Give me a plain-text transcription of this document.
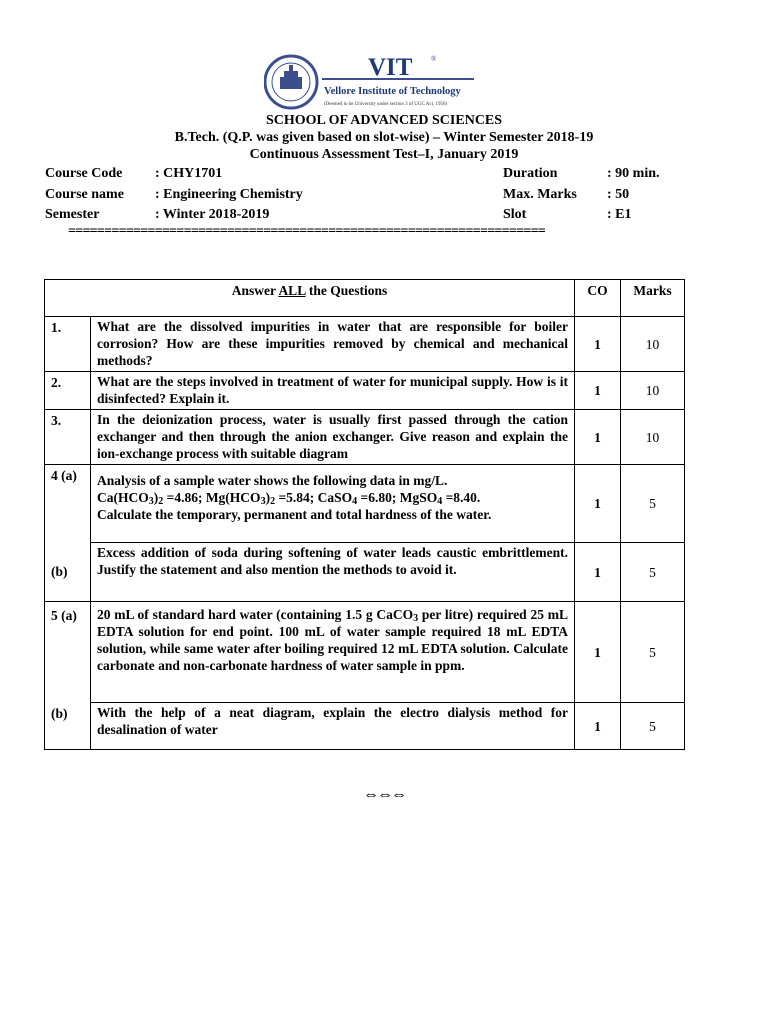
VIT	®
Vellore Institute of Technology
(Deemed to be University under section 3 of UGC Act, 1956)
SCHOOL OF ADVANCED SCIENCES
B.Tech. (Q.P. was given based on slot-wise) – Winter Semester 2018-19
Continuous Assessment Test–I, January 2019
Course Code : CHY1701	Duration	: 90 min.
Course name : Engineering Chemistry	Max. Marks : 50
Semester	: Winter 2018-2019	Slot	: E1
==================================================================
Answer ALL the Questions		CO	Marks
1.	What are the dissolved impurities in water that are responsible for boiler corrosion? How are these impurities removed by chemical and mechanical methods?	1	10
2.	What are the steps involved in treatment of water for municipal supply. How is it disinfected? Explain it.	1	10
3.	In the deionization process, water is usually first passed through the cation exchanger and then through the anion exchanger. Give reason and explain the ion-exchange process with suitable diagram	1	10
4 (a)	Analysis of a sample water shows the following data in mg/L.
$Ca(HCO_3)_2 =4.86$; $Mg(HCO_3)_2 =5.84$; CaSO$_4$ =6.80; MgSO$_4$ =8.40.
Calculate the temporary, permanent and total hardness of the water.	1	5
(b)	Excess addition of soda during softening of water leads caustic embrittlement. Justify the statement and also mention the methods to avoid it.	1	5
5 (a)	20 mL of standard hard water (containing 1.5 g CaCO$_3$ per litre) required 25 mL EDTA solution for end point. 100 mL of water sample required 18 mL EDTA solution, while same water after boiling required 12 mL EDTA solution. Calculate carbonate and non-carbonate hardness of water sample in ppm.	1	5
(b)	With the help of a neat diagram, explain the electro dialysis method for desalination of water	1	5
⇔⇔⇔
